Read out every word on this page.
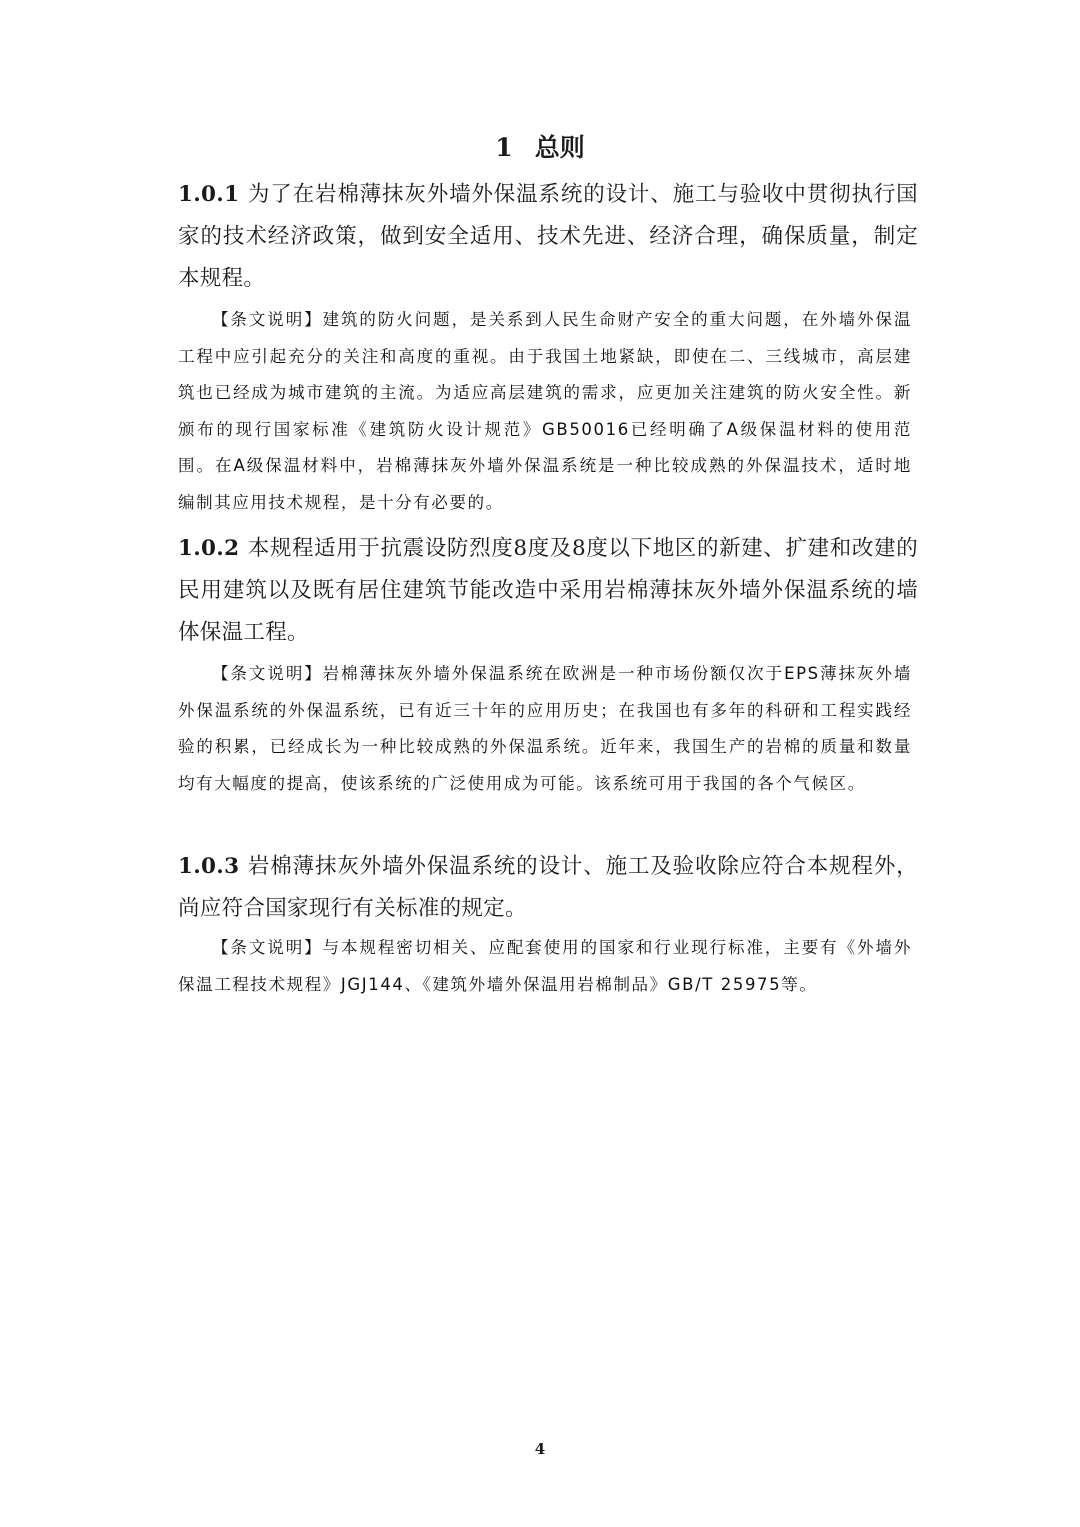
1 总则
1.0.1 为了在岩棉薄抹灰外墙外保温系统的设计、施工与验收中贯彻执行国家的技术经济政策，做到安全适用、技术先进、经济合理，确保质量，制定本规程。
【条文说明】建筑的防火问题，是关系到人民生命财产安全的重大问题，在外墙外保温工程中应引起充分的关注和高度的重视。由于我国土地紧缺，即使在二、三线城市，高层建筑也已经成为城市建筑的主流。为适应高层建筑的需求，应更加关注建筑的防火安全性。新颁布的现行国家标准《建筑防火设计规范》GB50016已经明确了A级保温材料的使用范围。在A级保温材料中，岩棉薄抹灰外墙外保温系统是一种比较成熟的外保温技术，适时地编制其应用技术规程，是十分有必要的。
1.0.2 本规程适用于抗震设防烈度8度及8度以下地区的新建、扩建和改建的民用建筑以及既有居住建筑节能改造中采用岩棉薄抹灰外墙外保温系统的墙体保温工程。
【条文说明】岩棉薄抹灰外墙外保温系统在欧洲是一种市场份额仅次于EPS薄抹灰外墙外保温系统的外保温系统，已有近三十年的应用历史；在我国也有多年的科研和工程实践经验的积累，已经成长为一种比较成熟的外保温系统。近年来，我国生产的岩棉的质量和数量均有大幅度的提高，使该系统的广泛使用成为可能。该系统可用于我国的各个气候区。
1.0.3 岩棉薄抹灰外墙外保温系统的设计、施工及验收除应符合本规程外，尚应符合国家现行有关标准的规定。
【条文说明】与本规程密切相关、应配套使用的国家和行业现行标准，主要有《外墙外保温工程技术规程》JGJ144、《建筑外墙外保温用岩棉制品》GB/T 25975等。
4
